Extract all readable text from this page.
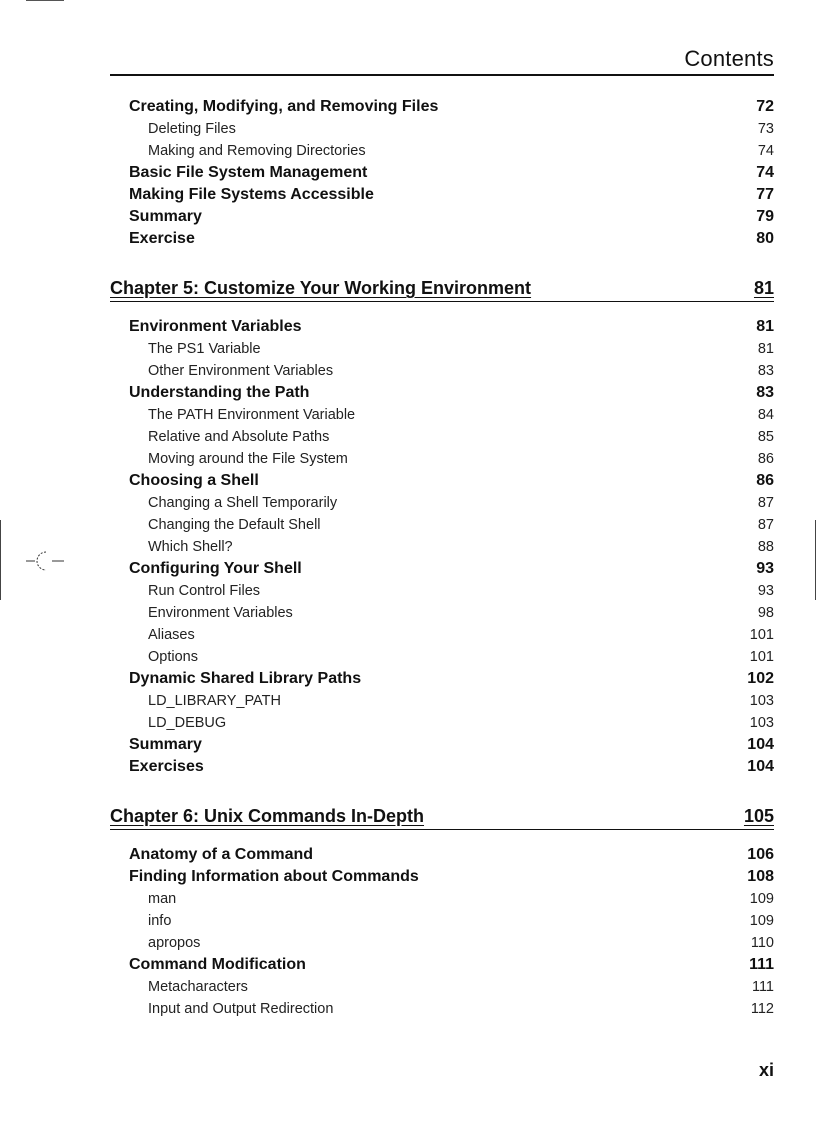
Contents
Creating, Modifying, and Removing Files	72
Deleting Files	73
Making and Removing Directories	74
Basic File System Management	74
Making File Systems Accessible	77
Summary	79
Exercise	80
Chapter 5: Customize Your Working Environment	81
Environment Variables	81
The PS1 Variable	81
Other Environment Variables	83
Understanding the Path	83
The PATH Environment Variable	84
Relative and Absolute Paths	85
Moving around the File System	86
Choosing a Shell	86
Changing a Shell Temporarily	87
Changing the Default Shell	87
Which Shell?	88
Configuring Your Shell	93
Run Control Files	93
Environment Variables	98
Aliases	101
Options	101
Dynamic Shared Library Paths	102
LD_LIBRARY_PATH	103
LD_DEBUG	103
Summary	104
Exercises	104
Chapter 6: Unix Commands In-Depth	105
Anatomy of a Command	106
Finding Information about Commands	108
man	109
info	109
apropos	110
Command Modification	111
Metacharacters	111
Input and Output Redirection	112
xi
